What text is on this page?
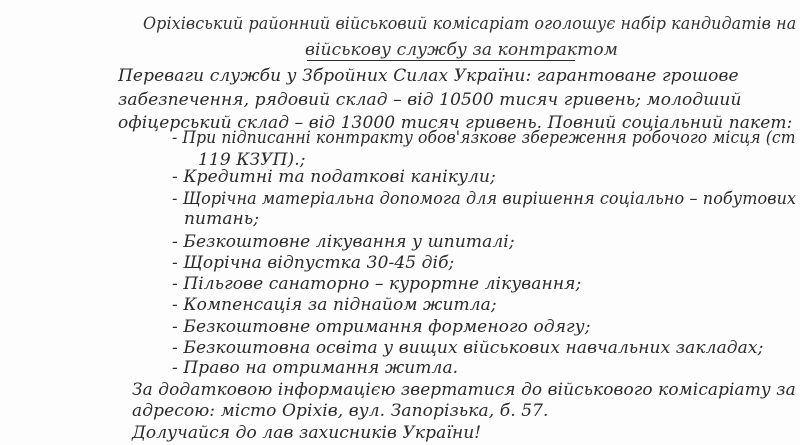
Оріхівський районний військовий комісаріат оголошує набір кандидатів на
військову службу за контрактом
Переваги служби у Збройних Силах України: гарантоване грошове
забезпечення, рядовий склад – від 10500 тисяч гривень; молодший
офіцерський склад – від 13000 тисяч гривень. Повний соціальний пакет:
- При підписанні контракту обов'язкове збереження робочого місця (ст
119 КЗУП).;
- Кредитні та податкові канікули;
- Щорічна матеріальна допомога для вирішення соціально – побутових
питань;
- Безкоштовне лікування у шпиталі;
- Щорічна відпустка 30-45 діб;
- Пільгове санаторно – курортне лікування;
- Компенсація за піднайом житла;
- Безкоштовне отримання форменого одягу;
- Безкоштовна освіта у вищих військових навчальних закладах;
- Право на отримання житла.
За додатковою інформацією звертатися до військового комісаріату за
адресою: місто Оріхів, вул. Запорізька, б. 57.
Долучайся до лав захисників України!
